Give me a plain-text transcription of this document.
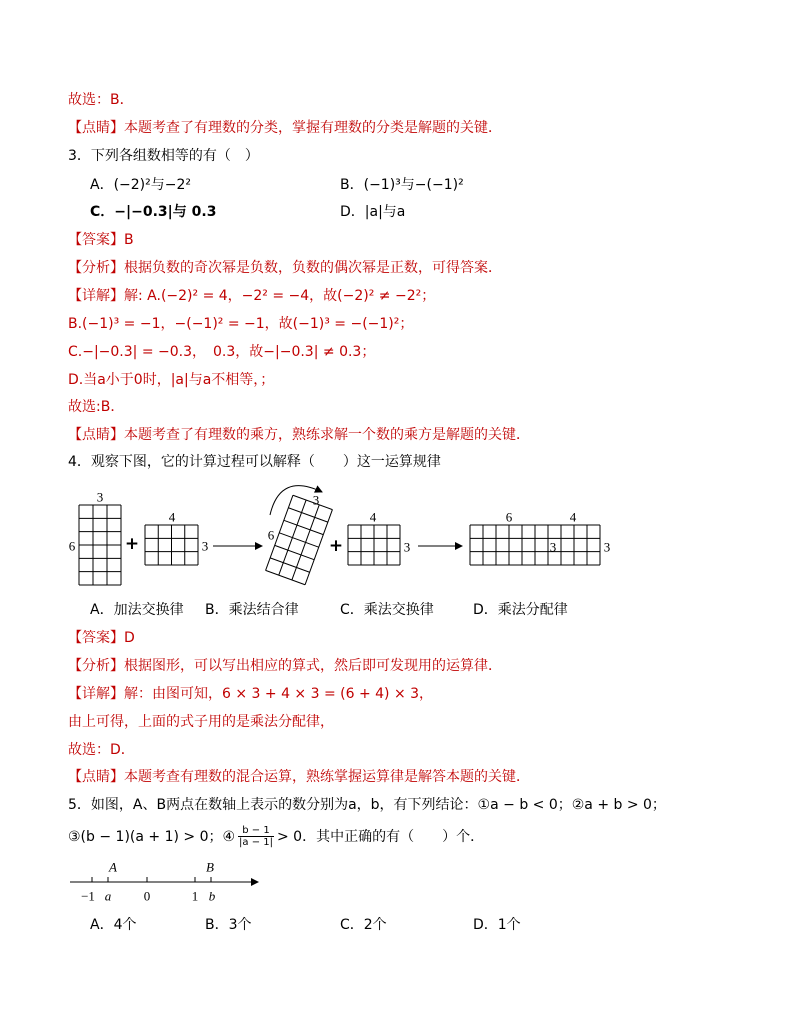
故选：B．
【点睛】本题考查了有理数的分类，掌握有理数的分类是解题的关键．
3．下列各组数相等的有（　）
A．(−2)²与−2²	B．(−1)³与−(−1)²
C．−|−0.3|与 0.3	D．|a|与a
【答案】B
【分析】根据负数的奇次幂是负数，负数的偶次幂是正数，可得答案．
【详解】解: A.(−2)² = 4，−2² = −4，故(−2)² ≠ −2²；
B.(−1)³ = −1，−(−1)² = −1，故(−1)³ = −(−1)²；
C.−|−0.3| = −0.3，　0.3，故−|−0.3| ≠ 0.3；
D.当a小于0时，|a|与a不相等，；
故选:B．
【点睛】本题考查了有理数的乘方，熟练求解一个数的乘方是解题的关键．
4．观察下图，它的计算过程可以解释（　　）这一运算规律
3
6	+
4
3
3
6
+
4
3
6	4
3	3
A．加法交换律 B．乘法结合律	C．乘法交换律	D．乘法分配律
【答案】D
【分析】根据图形，可以写出相应的算式，然后即可发现用的运算律．
【详解】解：由图可知，6 × 3 + 4 × 3 = (6 + 4) × 3，
由上可得，上面的式子用的是乘法分配律，
故选：D．
【点睛】本题考查有理数的混合运算，熟练掌握运算律是解答本题的关键．
5．如图，A、B两点在数轴上表示的数分别为a，b，有下列结论：①a − b < 0；②a + b > 0；
③(b − 1)(a + 1) > 0；④ $\frac{b - 1}{|a - 1|} > 0$．其中正确的有（　　）个．
A	B
−1 a	0	1 b
A．4个	B．3个	C．2个	D．1个
